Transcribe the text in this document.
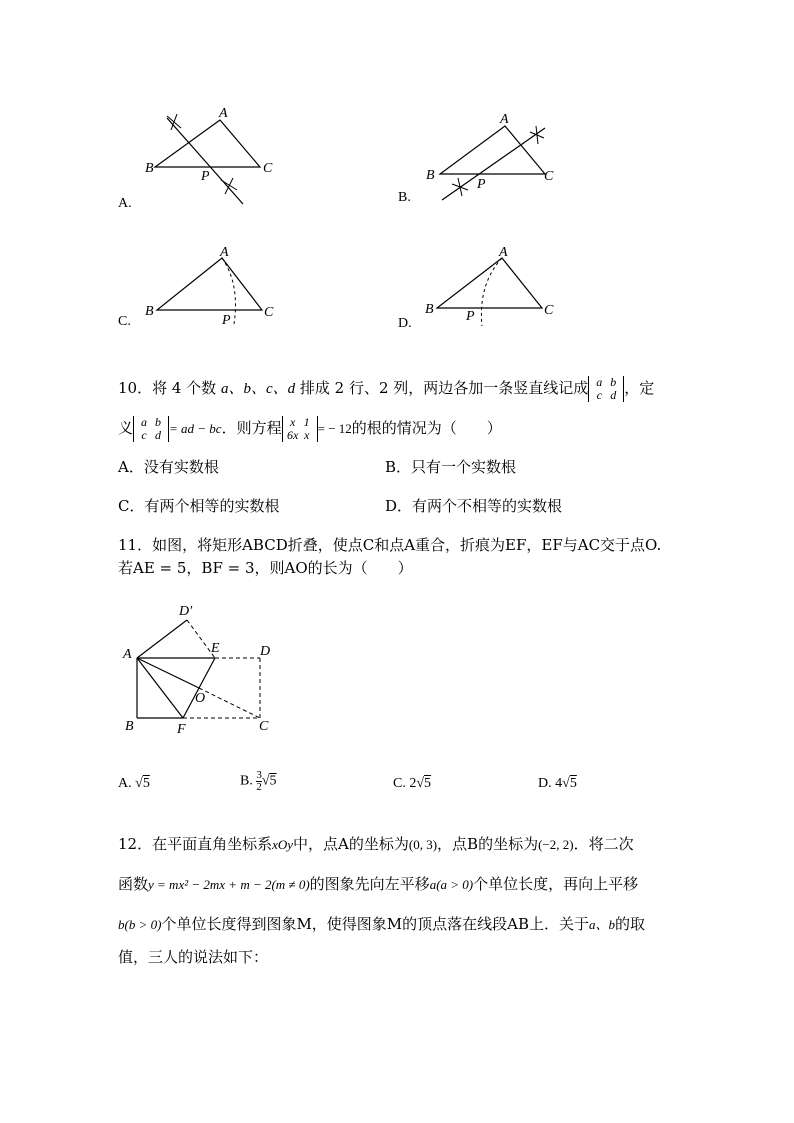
A
B	C
P
A.
A
B	C
P
B.
A
B	C
P
C.
A
B	C
P
D.
10．将 4 个数 a、b、c、d 排成 2 行、2 列，两边各加一条竖直线记成 a b
c d ，定
义 a b
c d = ad − bc．则方程 x 1
6x x = − 12的根的情况为（　　）
A．没有实数根	B．只有一个实数根
C．有两个相等的实数根	D．有两个不相等的实数根
11．如图，将矩形ABCD折叠，使点C和点A重合，折痕为EF，EF与AC交于点O.
若AE = 5，BF = 3，则AO的长为（　　）
D′
A	E	D
O
B	F	C
A. √5	B. $\frac{3}{2} √5$	C. 2√5	D. 4√5
12．在平面直角坐标系xOy中，点A的坐标为(0, 3)，点B的坐标为(−2, 2)．将二次
函数y = mx² − 2mx + m − 2(m ≠ 0)的图象先向左平移a(a > 0)个单位长度，再向上平移
b(b > 0)个单位长度得到图象M，使得图象M的顶点落在线段AB上．关于a、b的取
值，三人的说法如下：
